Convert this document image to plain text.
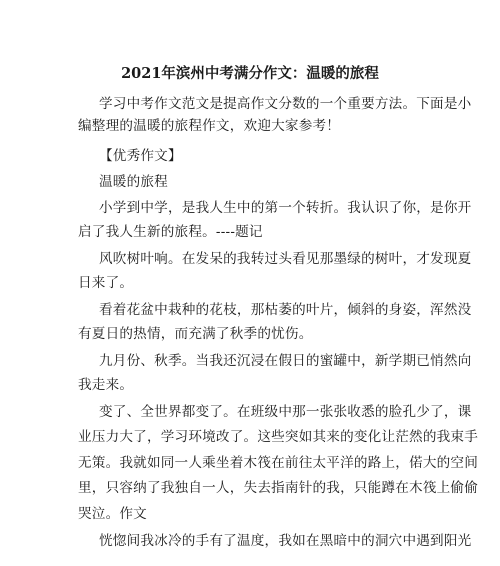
2021年滨州中考满分作文：温暖的旅程
学习中考作文范文是提高作文分数的一个重要方法。下面是小
编整理的温暖的旅程作文，欢迎大家参考！
【优秀作文】
温暖的旅程
小学到中学，是我人生中的第一个转折。我认识了你，是你开
启了我人生新的旅程。----题记
风吹树叶响。在发呆的我转过头看见那墨绿的树叶，才发现夏
日来了。
看着花盆中栽种的花枝，那枯萎的叶片，倾斜的身姿，浑然没
有夏日的热情，而充满了秋季的忧伤。
九月份、秋季。当我还沉浸在假日的蜜罐中，新学期已悄然向
我走来。
变了、全世界都变了。在班级中那一张张收悉的脸孔少了，课
业压力大了，学习环境改了。这些突如其来的变化让茫然的我束手
无策。我就如同一人乘坐着木筏在前往太平洋的路上，偌大的空间
里，只容纳了我独自一人，失去指南针的我，只能蹲在木筏上偷偷
哭泣。作文
恍惚间我冰冷的手有了温度，我如在黑暗中的洞穴中遇到阳光
